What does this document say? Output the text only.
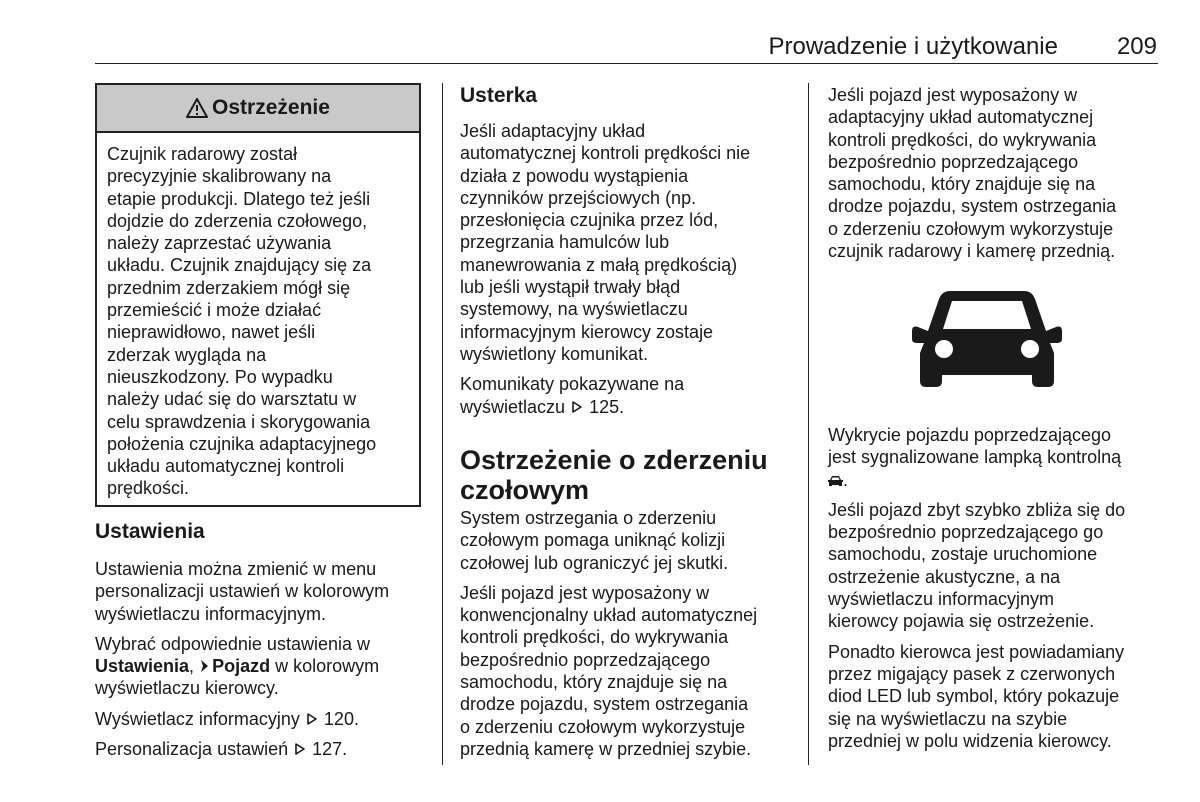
Prowadzenie i użytkowanie 209
Ostrzeżenie

Czujnik radarowy został

precyzyjnie skalibrowany na

etapie produkcji. Dlatego też jeśli

dojdzie do zderzenia czołowego,

należy zaprzestać używania

układu. Czujnik znajdujący się za

przednim zderzakiem mógł się

przemieścić i może działać

nieprawidłowo, nawet jeśli

zderzak wygląda na

nieuszkodzony. Po wypadku

należy udać się do warsztatu w

celu sprawdzenia i skorygowania

położenia czujnika adaptacyjnego

układu automatycznej kontroli

prędkości.

Ustawienia

Ustawienia można zmienić w menu

personalizacji ustawień w kolorowym

wyświetlaczu informacyjnym.

Wybrać odpowiednie ustawienia w

Ustawienia, Pojazd w kolorowym

wyświetlaczu kierowcy.

Wyświetlacz informacyjny 120.

Personalizacja ustawień 127.

Usterka

Jeśli adaptacyjny układ

automatycznej kontroli prędkości nie

działa z powodu wystąpienia

czynników przejściowych (np.

przesłonięcia czujnika przez lód,

przegrzania hamulców lub

manewrowania z małą prędkością)

lub jeśli wystąpił trwały błąd

systemowy, na wyświetlaczu

informacyjnym kierowcy zostaje

wyświetlony komunikat.

Komunikaty pokazywane na

wyświetlaczu 125.

Ostrzeżenie o zderzeniu
czołowym

System ostrzegania o zderzeniu

czołowym pomaga uniknąć kolizji

czołowej lub ograniczyć jej skutki.

Jeśli pojazd jest wyposażony w

konwencjonalny układ automatycznej

kontroli prędkości, do wykrywania

bezpośrednio poprzedzającego

samochodu, który znajduje się na

drodze pojazdu, system ostrzegania

o zderzeniu czołowym wykorzystuje

przednią kamerę w przedniej szybie.

Jeśli pojazd jest wyposażony w

adaptacyjny układ automatycznej

kontroli prędkości, do wykrywania

bezpośrednio poprzedzającego

samochodu, który znajduje się na

drodze pojazdu, system ostrzegania

o zderzeniu czołowym wykorzystuje

czujnik radarowy i kamerę przednią.

Wykrycie pojazdu poprzedzającego

jest sygnalizowane lampką kontrolną

.

Jeśli pojazd zbyt szybko zbliża się do

bezpośrednio poprzedzającego go

samochodu, zostaje uruchomione

ostrzeżenie akustyczne, a na

wyświetlaczu informacyjnym

kierowcy pojawia się ostrzeżenie.

Ponadto kierowca jest powiadamiany

przez migający pasek z czerwonych

diod LED lub symbol, który pokazuje

się na wyświetlaczu na szybie

przedniej w polu widzenia kierowcy.
